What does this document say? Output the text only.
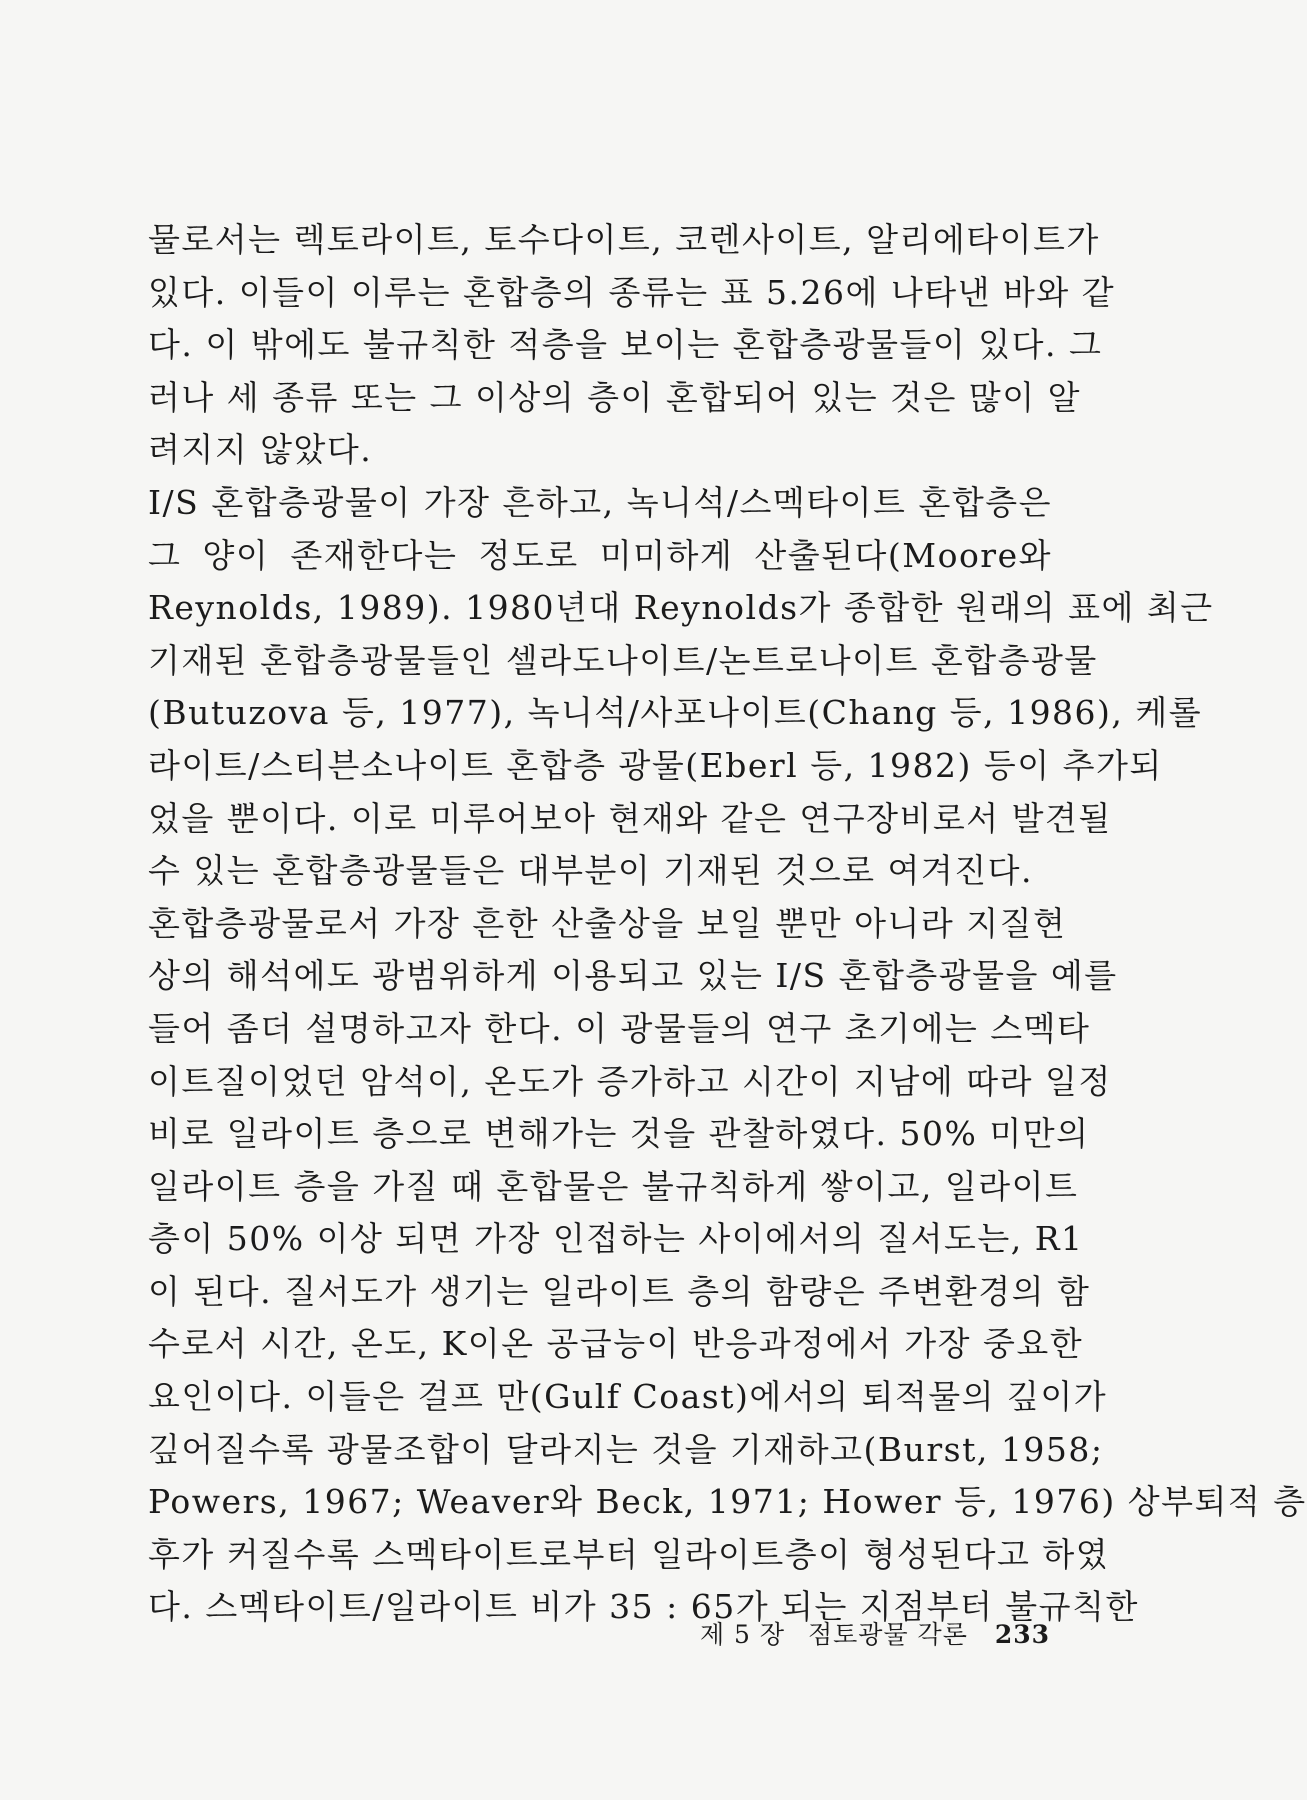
물로서는 렉토라이트, 토수다이트, 코렌사이트, 알리에타이트가
있다. 이들이 이루는 혼합층의 종류는 표 5.26에 나타낸 바와 같
다. 이 밖에도 불규칙한 적층을 보이는 혼합층광물들이 있다. 그
러나 세 종류 또는 그 이상의 층이 혼합되어 있는 것은 많이 알
려지지 않았다.
I/S 혼합층광물이 가장 흔하고, 녹니석/스멕타이트 혼합층은
그 양이 존재한다는 정도로 미미하게 산출된다(Moore와
Reynolds, 1989). 1980년대 Reynolds가 종합한 원래의 표에 최근
기재된 혼합층광물들인 셀라도나이트/논트로나이트 혼합층광물
(Butuzova 등, 1977), 녹니석/사포나이트(Chang 등, 1986), 케롤
라이트/스티븐소나이트 혼합층 광물(Eberl 등, 1982) 등이 추가되
었을 뿐이다. 이로 미루어보아 현재와 같은 연구장비로서 발견될
수 있는 혼합층광물들은 대부분이 기재된 것으로 여겨진다.
혼합층광물로서 가장 흔한 산출상을 보일 뿐만 아니라 지질현
상의 해석에도 광범위하게 이용되고 있는 I/S 혼합층광물을 예를
들어 좀더 설명하고자 한다. 이 광물들의 연구 초기에는 스멕타
이트질이었던 암석이, 온도가 증가하고 시간이 지남에 따라 일정
비로 일라이트 층으로 변해가는 것을 관찰하였다. 50% 미만의
일라이트 층을 가질 때 혼합물은 불규칙하게 쌓이고, 일라이트
층이 50% 이상 되면 가장 인접하는 사이에서의 질서도는, R1
이 된다. 질서도가 생기는 일라이트 층의 함량은 주변환경의 함
수로서 시간, 온도, K이온 공급능이 반응과정에서 가장 중요한
요인이다. 이들은 걸프 만(Gulf Coast)에서의 퇴적물의 깊이가
깊어질수록 광물조합이 달라지는 것을 기재하고(Burst, 1958;
Powers, 1967; Weaver와 Beck, 1971; Hower 등, 1976) 상부퇴적 층
후가 커질수록 스멕타이트로부터 일라이트층이 형성된다고 하였
다. 스멕타이트/일라이트 비가 35 : 65가 되는 지점부터 불규칙한
제 5 장 점토광물 각론 233
